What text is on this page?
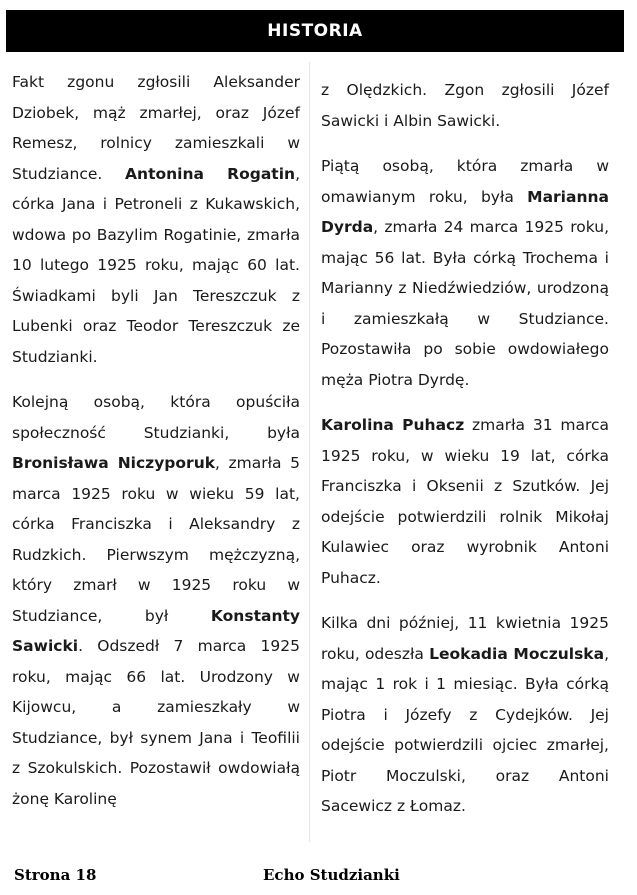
HISTORIA

Fakt zgonu zgłosili Aleksander Dziobek, mąż zmarłej, oraz Józef Remesz, rolnicy zamieszkali w Studziance. Antonina Rogatin, córka Jana i Petroneli z Kukawskich, wdowa po Bazylim Rogatinie, zmarła 10 lutego 1925 roku, mając 60 lat. Świadkami byli Jan Tereszczuk z Lubenki oraz Teodor Tereszczuk ze Studzianki.

Kolejną osobą, która opuściła społeczność Studzianki, była Bronisława Niczyporuk, zmarła 5 marca 1925 roku w wieku 59 lat, córka Franciszka i Aleksandry z Rudzkich. Pierwszym mężczyzną, który zmarł w 1925 roku w Studziance, był Konstanty Sawicki. Odszedł 7 marca 1925 roku, mając 66 lat. Urodzony w Kijowcu, a zamieszkały w Studziance, był synem Jana i Teofilii z Szokulskich. Pozostawił owdowiałą żonę Karolinę

z Olędzkich. Zgon zgłosili Józef Sawicki i Albin Sawicki.

Piątą osobą, która zmarła w omawianym roku, była Marianna Dyrda, zmarła 24 marca 1925 roku, mając 56 lat. Była córką Trochema i Marianny z Niedźwiedziów, urodzoną i zamieszkałą w Studziance. Pozostawiła po sobie owdowiałego męża Piotra Dyrdę.

Karolina Puhacz zmarła 31 marca 1925 roku, w wieku 19 lat, córka Franciszka i Oksenii z Szutków. Jej odejście potwierdzili rolnik Mikołaj Kulawiec oraz wyrobnik Antoni Puhacz.

Kilka dni później, 11 kwietnia 1925 roku, odeszła Leokadia Moczulska, mając 1 rok i 1 miesiąc. Była córką Piotra i Józefy z Cydejków. Jej odejście potwierdzili ojciec zmarłej, Piotr Moczulski, oraz Antoni Sacewicz z Łomaz.

Strona 18	Echo Studzianki
